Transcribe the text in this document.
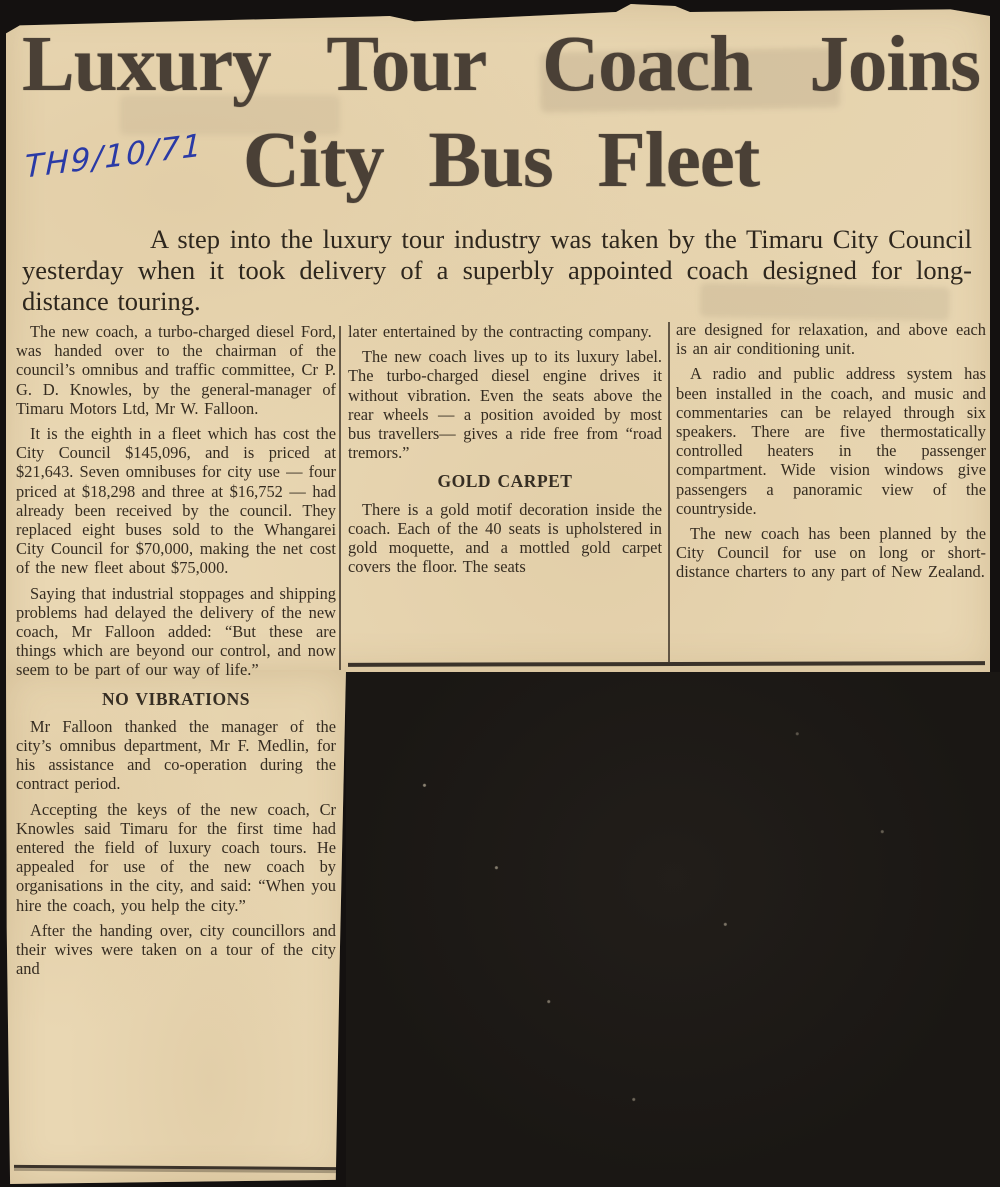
TH9/10/71
Luxury Tour Coach Joins
City Bus Fleet

A step into the luxury tour industry was taken by the Timaru City Council yesterday when it took delivery of a superbly appointed coach designed for long-distance touring.

The new coach, a turbo-charged diesel Ford, was handed over to the chairman of the council’s omnibus and traffic committee, Cr P. G. D. Knowles, by the general-manager of Timaru Motors Ltd, Mr W. Falloon.

It is the eighth in a fleet which has cost the City Council $145,096, and is priced at $21,643. Seven omnibuses for city use — four priced at $18,298 and three at $16,752 — had already been received by the council. They replaced eight buses sold to the Whangarei City Council for $70,000, making the net cost of the new fleet about $75,000.

Saying that industrial stoppages and shipping problems had delayed the delivery of the new coach, Mr Falloon added: “But these are things which are beyond our control, and now seem to be part of our way of life.”

NO VIBRATIONS

Mr Falloon thanked the manager of the city’s omnibus department, Mr F. Medlin, for his assistance and co-operation during the contract period.

Accepting the keys of the new coach, Cr Knowles said Timaru for the first time had entered the field of luxury coach tours. He appealed for use of the new coach by organisations in the city, and said: “When you hire the coach, you help the city.”

After the handing over, city councillors and their wives were taken on a tour of the city and

later entertained by the contracting company.

The new coach lives up to its luxury label. The turbo-charged diesel engine drives it without vibration. Even the seats above the rear wheels — a position avoided by most bus travellers— gives a ride free from “road tremors.”

GOLD CARPET

There is a gold motif decoration inside the coach. Each of the 40 seats is upholstered in gold moquette, and a mottled gold carpet covers the floor. The seats

are designed for relaxation, and above each is an air conditioning unit.

A radio and public address system has been installed in the coach, and music and commentaries can be relayed through six speakers. There are five thermostatically controlled heaters in the passenger compartment. Wide vision windows give passengers a panoramic view of the countryside.

The new coach has been planned by the City Council for use on long or short-distance charters to any part of New Zealand.
